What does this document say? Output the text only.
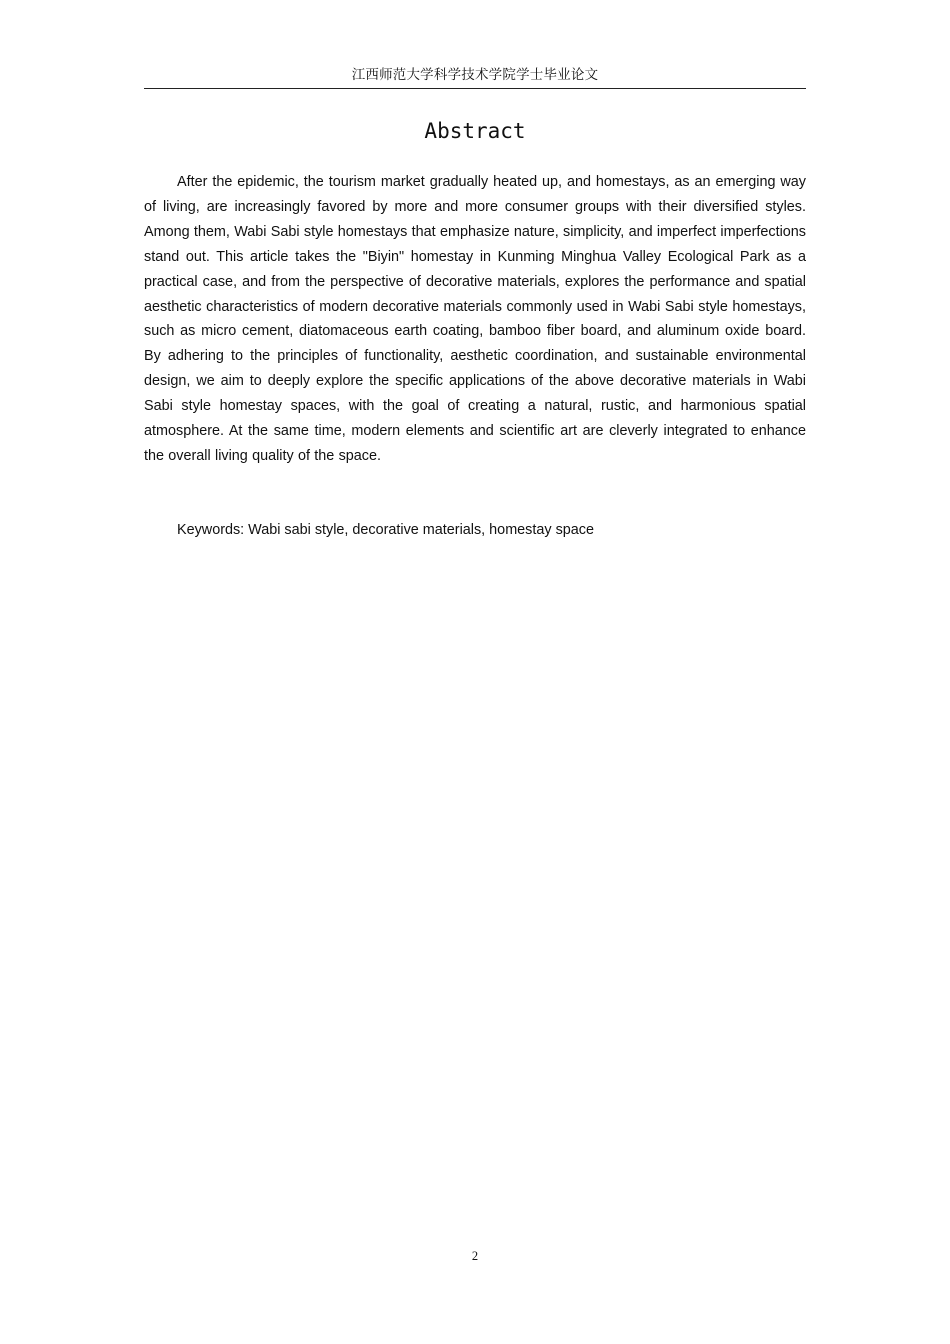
江西师范大学科学技术学院学士毕业论文
Abstract

After the epidemic, the tourism market gradually heated up, and homestays, as an emerging way of living, are increasingly favored by more and more consumer groups with their diversified styles. Among them, Wabi Sabi style homestays that emphasize nature, simplicity, and imperfect imperfections stand out. This article takes the "Biyin" homestay in Kunming Minghua Valley Ecological Park as a practical case, and from the perspective of decorative materials, explores the performance and spatial aesthetic characteristics of modern decorative materials commonly used in Wabi Sabi style homestays, such as micro cement, diatomaceous earth coating, bamboo fiber board, and aluminum oxide board. By adhering to the principles of functionality, aesthetic coordination, and sustainable environmental design, we aim to deeply explore the specific applications of the above decorative materials in Wabi Sabi style homestay spaces, with the goal of creating a natural, rustic, and harmonious spatial atmosphere. At the same time, modern elements and scientific art are cleverly integrated to enhance the overall living quality of the space.

Keywords: Wabi sabi style, decorative materials, homestay space

2
